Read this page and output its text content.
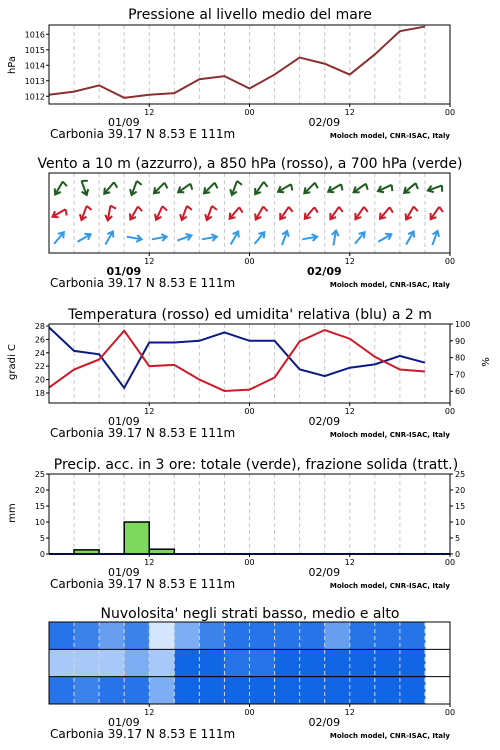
Pressione al livello medio del mare
Vento a 10 m (azzurro), a 850 hPa (rosso), a 700 hPa (verde)
Temperatura (rosso) ed umidita' relativa (blu) a 2 m
Precip. acc. in 3 ore: totale (verde), frazione solida (tratt.)
Nuvolosita' negli strati basso, medio e alto
hPa
gradi C	%
mm
1012
1013
1014
1015
1016
12	00	12	00
01/09	02/09
Carbonia 39.17 N 8.53 E 111m	Moloch model, CNR-ISAC, Italy
12	00	12	00
01/09	02/09
Carbonia 39.17 N 8.53 E 111m	Moloch model, CNR-ISAC, Italy
18
20
22
24
26
28
60
70
80
90
100
12	00	12	00
01/09	02/09
Carbonia 39.17 N 8.53 E 111m	Moloch model, CNR-ISAC, Italy
0
5
10
15
20
25
0
5
10
15
20
25
12	00	12	00
01/09	02/09
Carbonia 39.17 N 8.53 E 111m	Moloch model, CNR-ISAC, Italy
12	00	12	00
01/09	02/09
Carbonia 39.17 N 8.53 E 111m	Moloch model, CNR-ISAC, Italy
